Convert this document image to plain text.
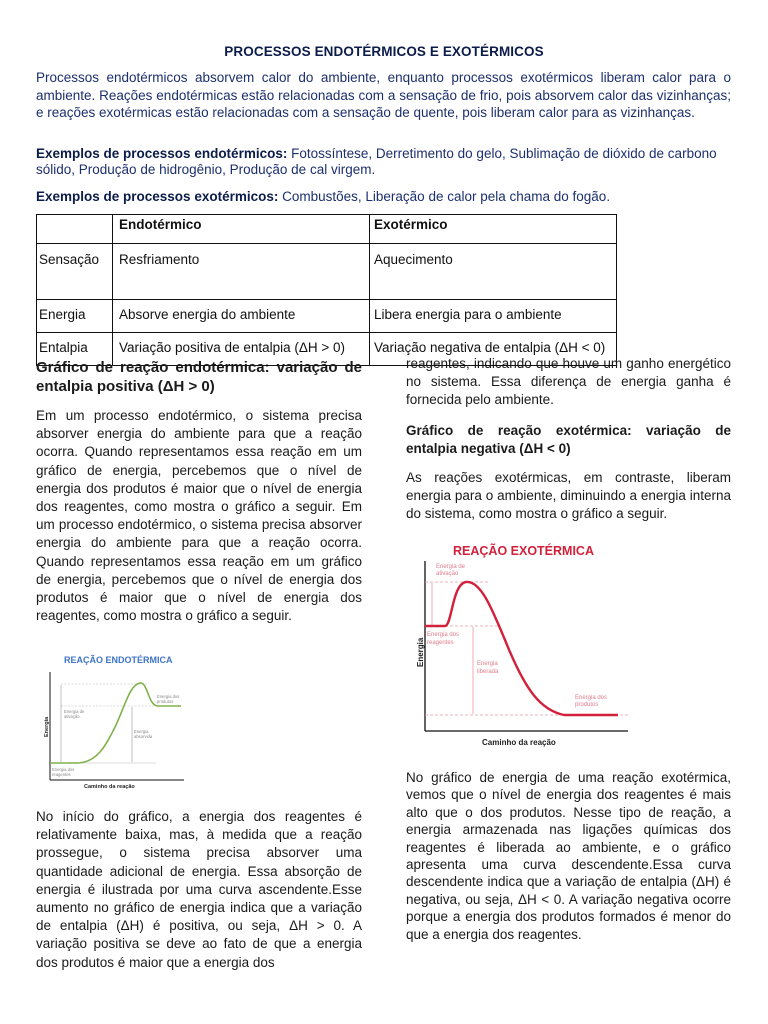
PROCESSOS ENDOTÉRMICOS E EXOTÉRMICOS

Processos endotérmicos absorvem calor do ambiente, enquanto processos exotérmicos liberam calor para o ambiente. Reações endotérmicas estão relacionadas com a sensação de frio, pois absorvem calor das vizinhanças; e reações exotérmicas estão relacionadas com a sensação de quente, pois liberam calor para as vizinhanças.

Exemplos de processos endotérmicos: Fotossíntese, Derretimento do gelo, Sublimação de dióxido de carbono sólido, Produção de hidrogênio, Produção de cal virgem.

Exemplos de processos exotérmicos: Combustões, Liberação de calor pela chama do fogão.

	Endotérmico	Exotérmico
Sensação	Resfriamento	Aquecimento
Energia	Absorve energia do ambiente	Libera energia para o ambiente
Entalpia	Variação positiva de entalpia (ΔH > 0)	Variação negativa de entalpia (ΔH < 0)
Gráfico de reação endotérmica: variação de entalpia positiva (ΔH > 0)

Em um processo endotérmico, o sistema precisa absorver energia do ambiente para que a reação ocorra. Quando representamos essa reação em um gráfico de energia, percebemos que o nível de energia dos produtos é maior que o nível de energia dos reagentes, como mostra o gráfico a seguir. Em um processo endotérmico, o sistema precisa absorver energia do ambiente para que a reação ocorra. Quando representamos essa reação em um gráfico de energia, percebemos que o nível de energia dos produtos é maior que o nível de energia dos reagentes, como mostra o gráfico a seguir.

REAÇÃO ENDOTÉRMICA
Energia
Energia de ativação
Energia absorvida
Energia dos produtos
Energia dos reagentes
Caminho da reação

No início do gráfico, a energia dos reagentes é relativamente baixa, mas, à medida que a reação prossegue, o sistema precisa absorver uma quantidade adicional de energia. Essa absorção de energia é ilustrada por uma curva ascendente.Esse aumento no gráfico de energia indica que a variação de entalpia (ΔH) é positiva, ou seja, ΔH > 0. A variação positiva se deve ao fato de que a energia dos produtos é maior que a energia dos

reagentes, indicando que houve um ganho energético no sistema. Essa diferença de energia ganha é fornecida pelo ambiente.

Gráfico de reação exotérmica: variação de entalpia negativa (ΔH < 0)

As reações exotérmicas, em contraste, liberam energia para o ambiente, diminuindo a energia interna do sistema, como mostra o gráfico a seguir.

REAÇÃO EXOTÉRMICA
Energia
Energia de ativação
Energia dos reagentes
Energia liberada
Energia dos produtos
Caminho da reação

No gráfico de energia de uma reação exotérmica, vemos que o nível de energia dos reagentes é mais alto que o dos produtos. Nesse tipo de reação, a energia armazenada nas ligações químicas dos reagentes é liberada ao ambiente, e o gráfico apresenta uma curva descendente.Essa curva descendente indica que a variação de entalpia (ΔH) é negativa, ou seja, ΔH < 0. A variação negativa ocorre porque a energia dos produtos formados é menor do que a energia dos reagentes.
